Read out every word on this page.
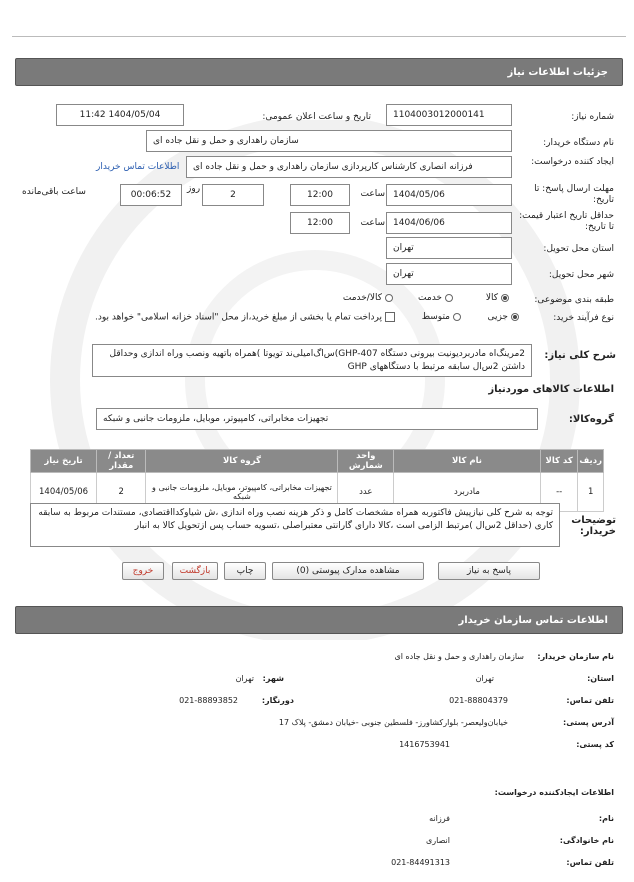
جزئیات اطلاعات نیاز
شماره نیاز:
1104003012000141
تاریخ و ساعت اعلان عمومی:
1404/05/04 11:42
نام دستگاه خریدار:
سازمان راهداری و حمل و نقل جاده ای
ایجاد کننده درخواست:
فرزانه انصاری کارشناس کارپردازی سازمان راهداری و حمل و نقل جاده ای
اطلاعات تماس خریدار
مهلت ارسال پاسخ: تا تاریخ:
1404/05/06
ساعت
12:00
2
روز
00:06:52
ساعت باقی‌مانده
حداقل تاریخ اعتبار قیمت: تا تاریخ:
1404/06/06
ساعت
12:00
استان محل تحویل:
تهران
شهر محل تحویل:
تهران
طبقه بندی موضوعی:
کالا
خدمت
کالا/خدمت
نوع فرآیند خرید:
جزیی
متوسط
پرداخت تمام یا بخشی از مبلغ خرید،از محل "اسناد خزانه اسلامی" خواهد بود.
شرح کلی نیاز:
2مرینگ‌اه مادربردیونیت بیرونی دستگاه GHP-407)س‌اگ‌امیلی‌ند تویوتا )همراه باتهیه ونصب وراه اندازی وحداقل داشتن 2س‌ال سابقه مرتبط با دستگاههای GHP
اطلاعات کالاهای موردنیاز
گروه‌کالا:
تجهیزات مخابراتی، کامپیوتر، موبایل، ملزومات جانبی و شبکه
ردیف	کد کالا	نام کالا	واحد شمارش	گروه کالا	تعداد / مقدار	تاریخ نیاز
1	--	مادربرد	عدد	تجهیزات مخابراتی، کامپیوتر، موبایل، ملزومات جانبی و شبکه	2	1404/05/06
توضیحات خریدار:
توجه به شرح کلی نیازپیش فاکتوربه همراه مشخصات کامل و ذکر هزینه نصب وراه اندازی ،ش شیاوکدااقتصادی، مستندات مربوط به سابقه کاری (حداقل 2س‌ال )مرتبط الزامی است ،کالا دارای گارانتی معتبراصلی ،تسویه حساب پس ازتحویل کالا به انبار
پاسخ به نیاز
مشاهده مدارک پیوستی (0)
چاپ
بازگشت
خروج
اطلاعات تماس سازمان خریدار
نام سازمان خریدار:
سازمان راهداری و حمل و نقل جاده ای
استان:
تهران
شهر:
تهران
تلفن تماس:
021-88804379
دورنگار:
021-88893852
آدرس پستی:
خیابان‌ولیعصر- بلوارکشاورز- فلسطین جنوبی -خیابان دمشق- پلاک 17
کد پستی:
1416753941
اطلاعات ایجادکننده درخواست:
نام:
فرزانه
نام خانوادگی:
انصاری
تلفن تماس:
021-84491313
